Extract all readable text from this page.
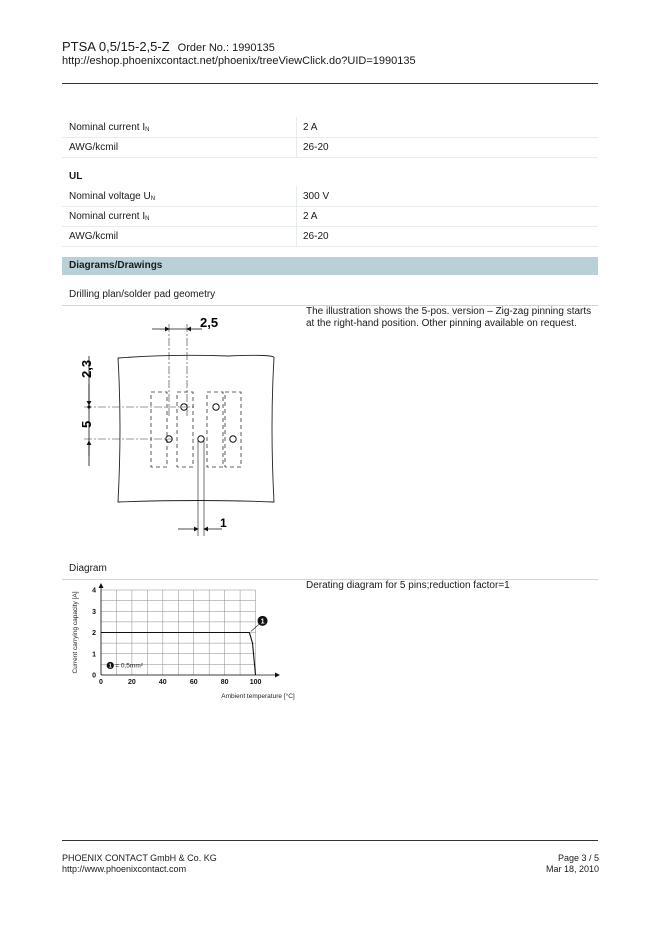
PTSA 0,5/15-2,5-Z Order No.: 1990135
http://eshop.phoenixcontact.net/phoenix/treeViewClick.do?UID=1990135
Nominal current $I_N$	2 A
AWG/kcmil	26-20
UL
Nominal voltage $U_N$	300 V
Nominal current $I_N$	2 A
AWG/kcmil	26-20
Diagrams/Drawings
Drilling plan/solder pad geometry
The illustration shows the 5-pos. version – Zig-zag pinning starts at the right-hand position. Other pinning available on request.
2,5
2,3
5
1
Diagram
Derating diagram for 5 pins;reduction factor=1
0	20	40	60	80	100
0
1
2
3
4
Current carrying capacity [A]
Ambient temperature [°C]
1 = 0,5mm²
1
PHOENIX CONTACT GmbH & Co. KG
http://www.phoenixcontact.com
Page 3 / 5
Mar 18, 2010
